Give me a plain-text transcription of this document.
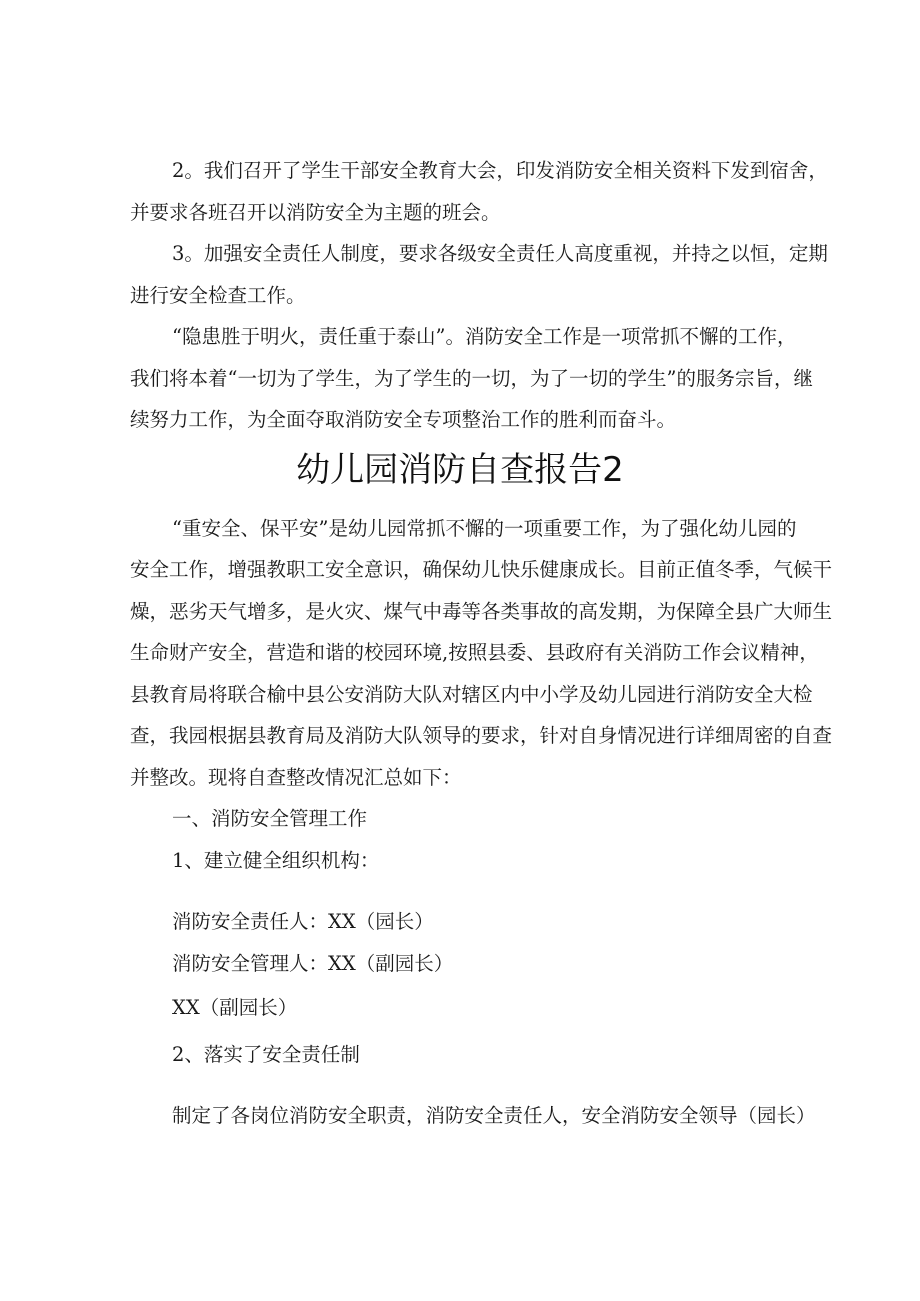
2。我们召开了学生干部安全教育大会，印发消防安全相关资料下发到宿舍，
并要求各班召开以消防安全为主题的班会。
3。加强安全责任人制度，要求各级安全责任人高度重视，并持之以恒，定期
进行安全检查工作。
“隐患胜于明火，责任重于泰山”。消防安全工作是一项常抓不懈的工作，
我们将本着“一切为了学生，为了学生的一切，为了一切的学生”的服务宗旨，继
续努力工作，为全面夺取消防安全专项整治工作的胜利而奋斗。
幼儿园消防自查报告2
“重安全、保平安”是幼儿园常抓不懈的一项重要工作，为了强化幼儿园的
安全工作，增强教职工安全意识，确保幼儿快乐健康成长。目前正值冬季，气候干
燥，恶劣天气增多，是火灾、煤气中毒等各类事故的高发期，为保障全县广大师生
生命财产安全，营造和谐的校园环境,按照县委、县政府有关消防工作会议精神，
县教育局将联合榆中县公安消防大队对辖区内中小学及幼儿园进行消防安全大检
查，我园根据县教育局及消防大队领导的要求，针对自身情况进行详细周密的自查
并整改。现将自查整改情况汇总如下：
一、消防安全管理工作
1、建立健全组织机构：
消防安全责任人：XX（园长）
消防安全管理人：XX（副园长）
XX（副园长）
2、落实了安全责任制
制定了各岗位消防安全职责，消防安全责任人，安全消防安全领导（园长）
